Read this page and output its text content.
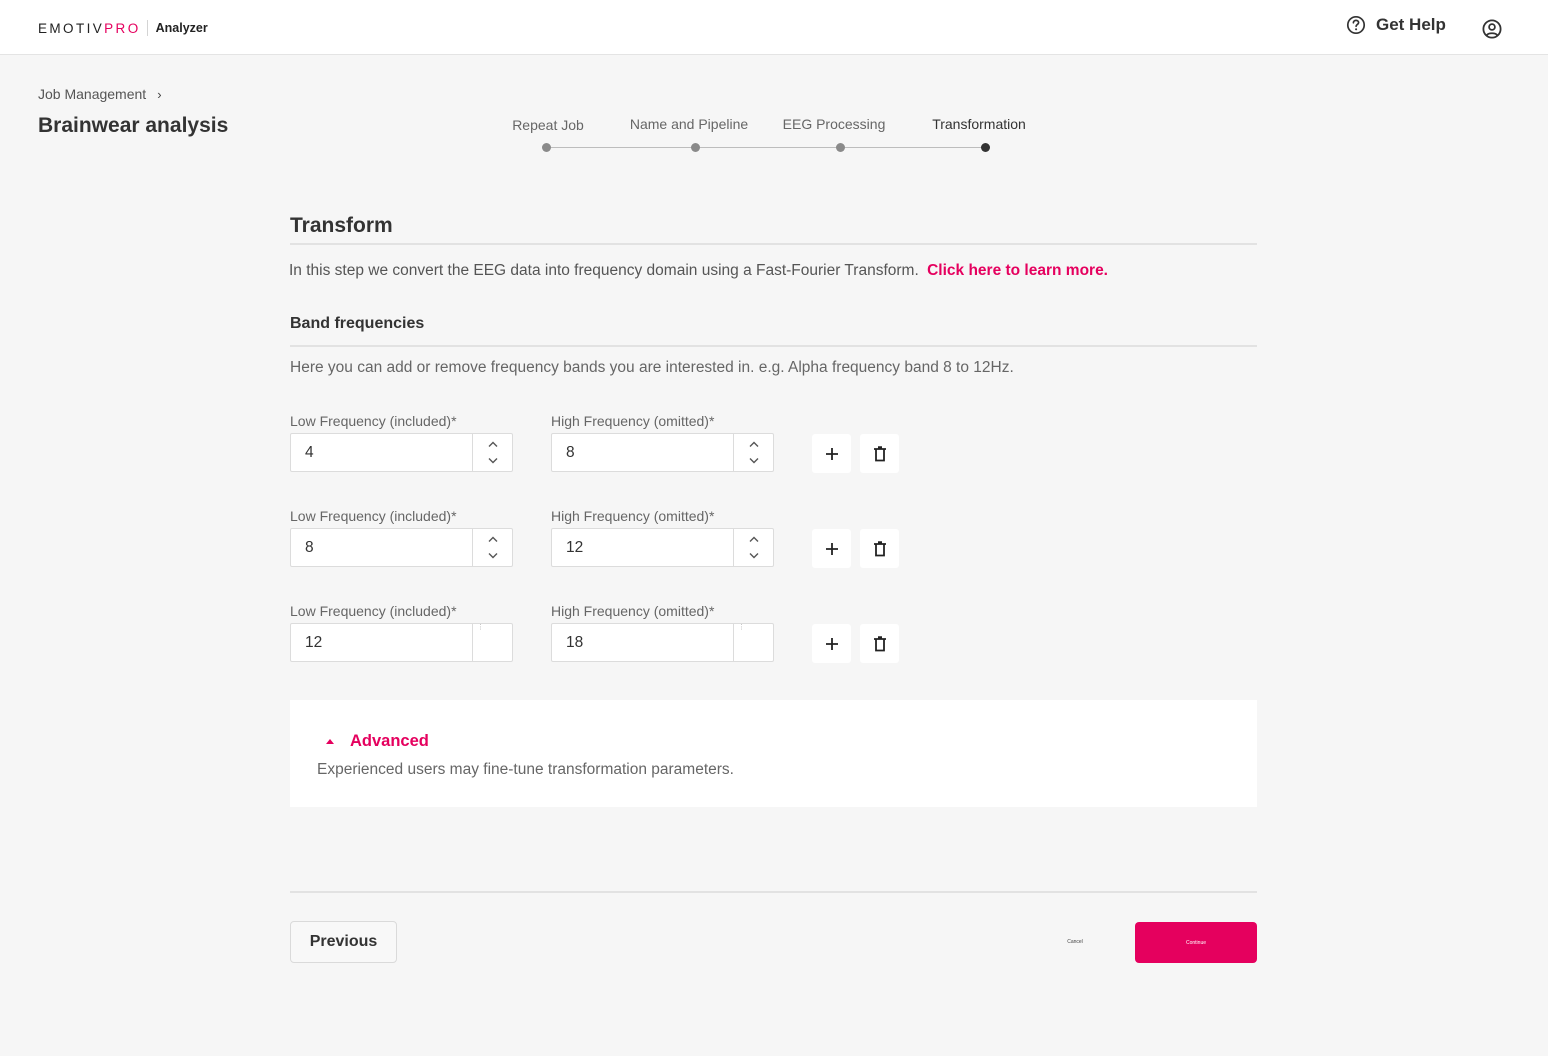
EMOTIV PRO Analyzer	Get Help
Job Management ›
Brainwear analysis	Repeat Job	Name and Pipeline EEG Processing	Transformation
Transform
In this step we convert the EEG data into frequency domain using a Fast-Fourier Transform. Click here to learn more.
Band frequencies
Here you can add or remove frequency bands you are interested in. e.g. Alpha frequency band 8 to 12Hz.
Low Frequency (included)*
4	High Frequency (omitted)*
8
Low Frequency (included)*
8	High Frequency (omitted)*
12
Low Frequency (included)*
12
⋮
High Frequency (omitted)*
18
⋮
Advanced
Experienced users may fine-tune transformation parameters.
Previous	Cancel	Continue
